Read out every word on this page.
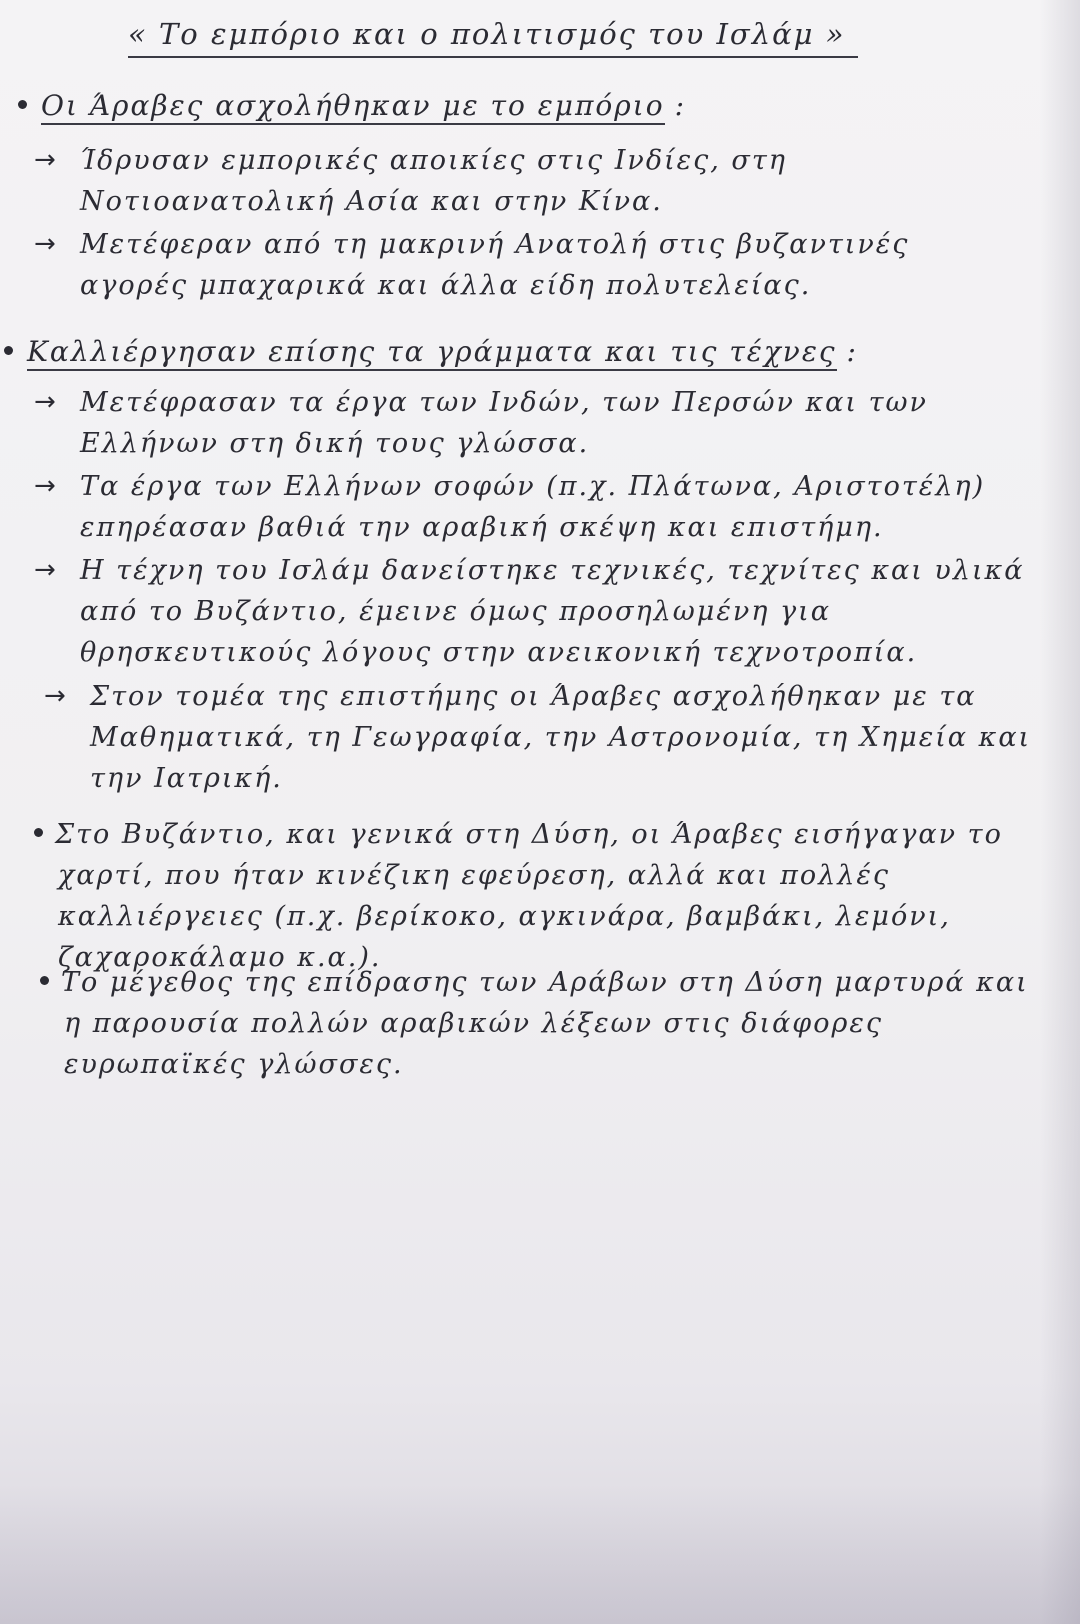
« Το εμπόριο και ο πολιτισμός του Ισλάμ »
Οι Άραβες ασχολήθηκαν με το εμπόριο :
→ Ίδρυσαν εμπορικές αποικίες στις Ινδίες, στη Νοτιοανατολική Ασία και στην Κίνα.
→ Μετέφεραν από τη μακρινή Ανατολή στις βυζαντινές αγορές μπαχαρικά και άλλα είδη πολυτελείας.
Καλλιέργησαν επίσης τα γράμματα και τις τέχνες :
→ Μετέφρασαν τα έργα των Ινδών, των Περσών και των Ελλήνων στη δική τους γλώσσα.
→ Τα έργα των Ελλήνων σοφών (π.χ. Πλάτωνα, Αριστοτέλη) επηρέασαν βαθιά την αραβική σκέψη και επιστήμη.
→ Η τέχνη του Ισλάμ δανείστηκε τεχνικές, τεχνίτες και υλικά από το Βυζάντιο, έμεινε όμως προσηλωμένη για θρησκευτικούς λόγους στην ανεικονική τεχνοτροπία.
→ Στον τομέα της επιστήμης οι Άραβες ασχολήθηκαν με τα Μαθηματικά, τη Γεωγραφία, την Αστρονομία, τη Χημεία και την Ιατρική.
Στο Βυζάντιο, και γενικά στη Δύση, οι Άραβες εισήγαγαν το χαρτί, που ήταν κινέζικη εφεύρεση, αλλά και πολλές καλλιέργειες (π.χ. βερίκοκο, αγκινάρα, βαμβάκι, λεμόνι, ζαχαροκάλαμο κ.α.).
Το μέγεθος της επίδρασης των Αράβων στη Δύση μαρτυρά και η παρουσία πολλών αραβικών λέξεων στις διάφορες ευρωπαϊκές γλώσσες.
